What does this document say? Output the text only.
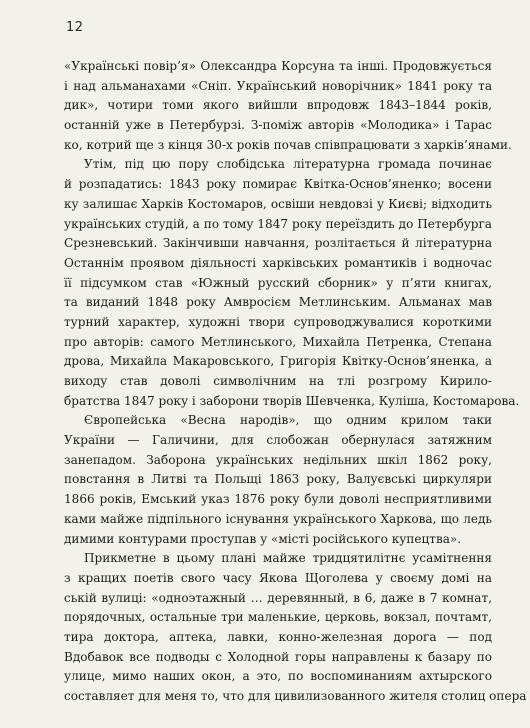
12
«Українські повір’я» Олександра Корсуна та інші. Продовжується
і над альманахами «Сніп. Український новорічник» 1841 року та
дик», чотири томи якого вийшли впродовж 1843–1844 років,
останній уже в Петербурзі. З-поміж авторів «Молодика» і Тарас
ко, котрий ще з кінця 30-х років почав співпрацювати з харків’янами.
Утім, під цю пору слобідська літературна громада починає
й розпадатись: 1843 року помирає Квітка-Основ’яненко; восени
ку залишає Харків Костомаров, освіши невдовзі у Києві; відходить
українських студій, а по тому 1847 року переїздить до Петербурга
Срезневський. Закінчивши навчання, розлітається й літературна
Останнім проявом діяльності харківських романтиків і водночас
її підсумком став «Южный русский сборник» у п’яти книгах,
та виданий 1848 року Амвросієм Метлинським. Альманах мав
турний характер, художні твори супроводжувалися короткими
про авторів: самого Метлинського, Михайла Петренка, Степана
дрова, Михайла Макаровського, Григорія Квітку-Основ’яненка, а
виходу став доволі символічним на тлі розгрому Кирило-
братства 1847 року і заборони творів Шевченка, Куліша, Костомарова.
Європейська «Весна народів», що одним крилом таки
України — Галичини, для слобожан обернулася затяжним
занепадом. Заборона українських недільних шкіл 1862 року,
повстання в Литві та Польщі 1863 року, Валуєвські циркуляри
1866 років, Емський указ 1876 року були доволі несприятливими
ками майже підпільного існування українського Харкова, що ледь
димими контурами проступав у «місті російського купецтва».
Прикметне в цьому плані майже тридцятилітнє усамітнення
з кращих поетів свого часу Якова Щоголева у своєму домі на
ській вулиці: «одноэтажный … деревянный, в 6, даже в 7 комнат,
порядочных, остальные три маленькие, церковь, вокзал, почтамт,
тира доктора, аптека, лавки, конно-железная дорога — под
Вдобавок все подводы с Холодной горы направлены к базару по
улице, мимо наших окон, а это, по воспоминаниям ахтырского
составляет для меня то, что для цивилизованного жителя столиц опера
